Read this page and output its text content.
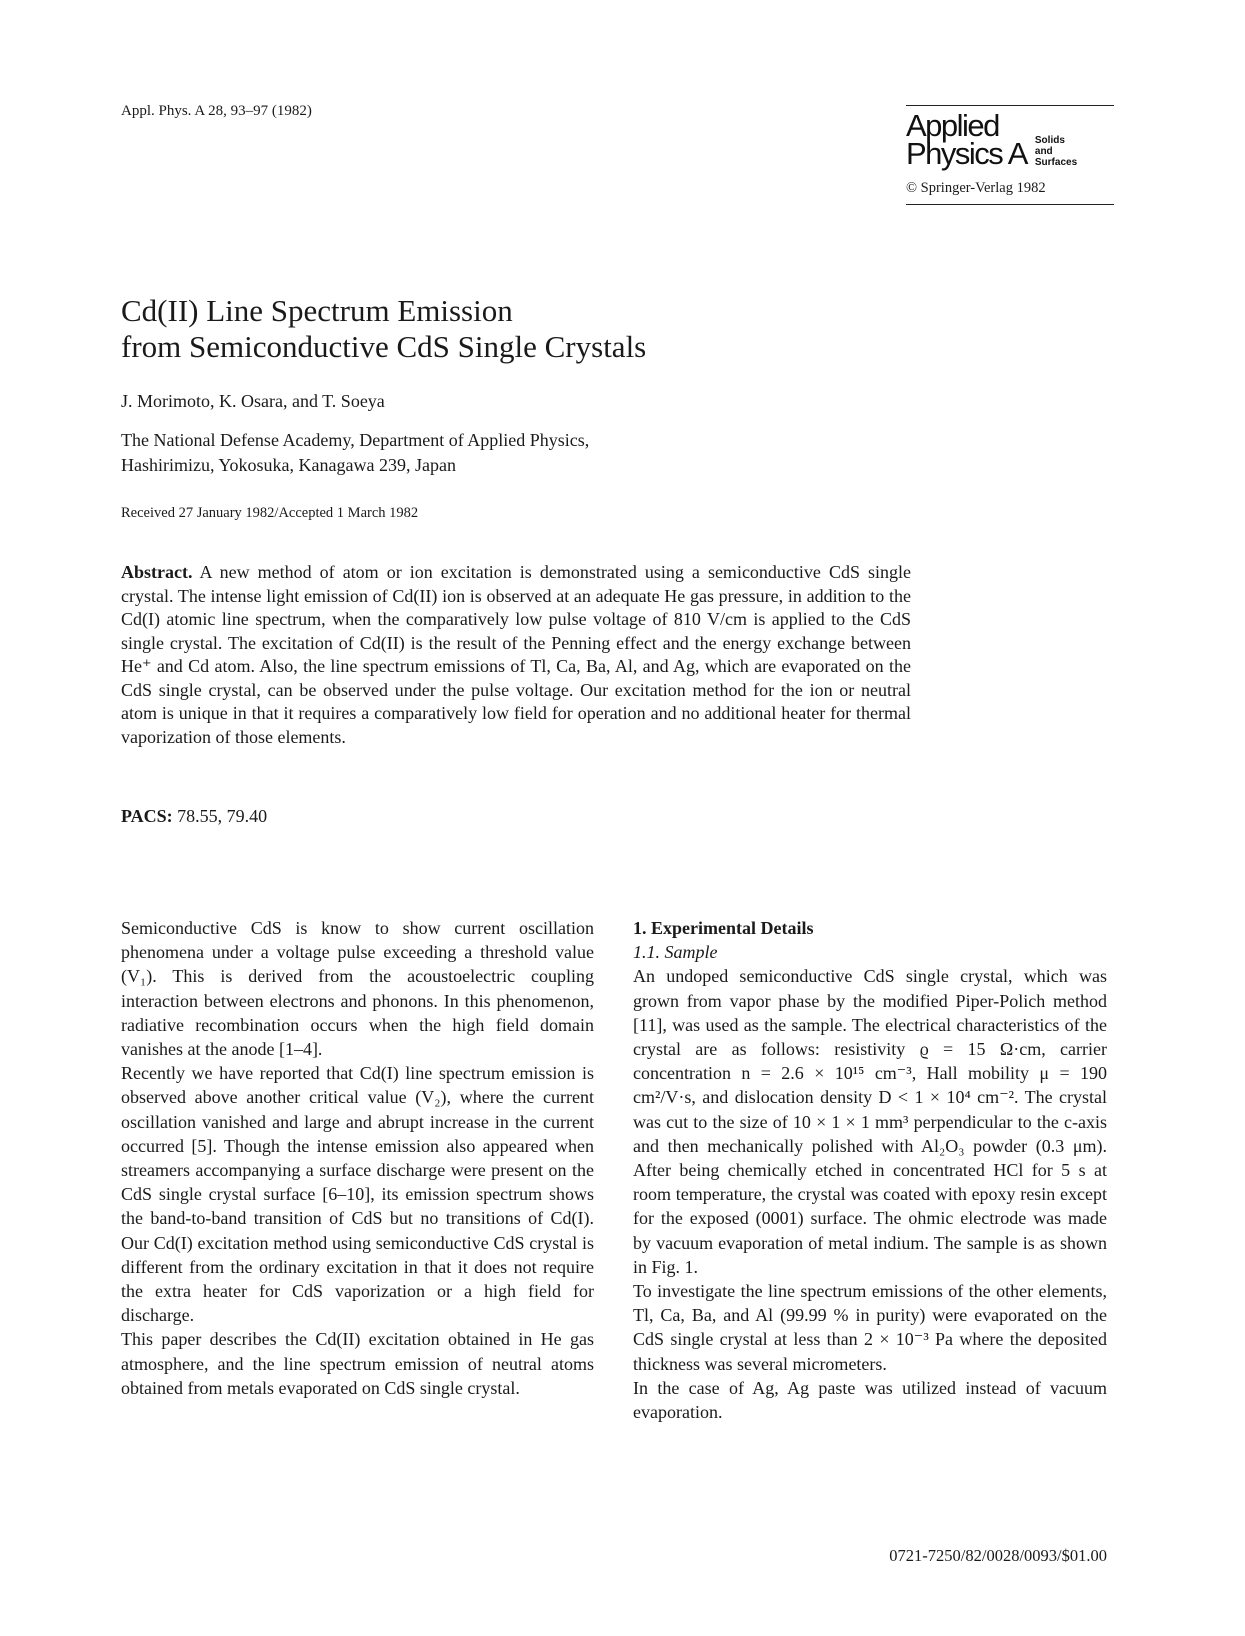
Appl. Phys. A 28, 93–97 (1982)	Applied
Physics A Solids
and
Surfaces
© Springer-Verlag 1982
Cd(II) Line Spectrum Emission
from Semiconductive CdS Single Crystals
J. Morimoto, K. Osara, and T. Soeya
The National Defense Academy, Department of Applied Physics,
Hashirimizu, Yokosuka, Kanagawa 239, Japan
Received 27 January 1982/Accepted 1 March 1982
Abstract. A new method of atom or ion excitation is demonstrated using a semiconductive CdS single crystal. The intense light emission of Cd(II) ion is observed at an adequate He gas pressure, in addition to the Cd(I) atomic line spectrum, when the comparatively low pulse voltage of 810 V/cm is applied to the CdS single crystal. The excitation of Cd(II) is the result of the Penning effect and the energy exchange between He⁺ and Cd atom. Also, the line spectrum emissions of Tl, Ca, Ba, Al, and Ag, which are evaporated on the CdS single crystal, can be observed under the pulse voltage. Our excitation method for the ion or neutral atom is unique in that it requires a comparatively low field for operation and no additional heater for thermal vaporization of those elements.
PACS: 78.55, 79.40

Semiconductive CdS is know to show current oscillation phenomena under a voltage pulse exceeding a threshold value (V₁). This is derived from the acoustoelectric coupling interaction between electrons and phonons. In this phenomenon, radiative recombination occurs when the high field domain vanishes at the anode [1–4].

Recently we have reported that Cd(I) line spectrum emission is observed above another critical value (V₂), where the current oscillation vanished and large and abrupt increase in the current occurred [5]. Though the intense emission also appeared when streamers accompanying a surface discharge were present on the CdS single crystal surface [6–10], its emission spectrum shows the band-to-band transition of CdS but no transitions of Cd(I). Our Cd(I) excitation method using semiconductive CdS crystal is different from the ordinary excitation in that it does not require the extra heater for CdS vaporization or a high field for discharge.

This paper describes the Cd(II) excitation obtained in He gas atmosphere, and the line spectrum emission of neutral atoms obtained from metals evaporated on CdS single crystal.

1. Experimental Details
1.1. Sample

An undoped semiconductive CdS single crystal, which was grown from vapor phase by the modified Piper-Polich method [11], was used as the sample. The electrical characteristics of the crystal are as follows: resistivity ϱ = 15 Ω·cm, carrier concentration n = 2.6 × 10¹⁵ cm⁻³, Hall mobility μ = 190 cm²/V·s, and dislocation density D < 1 × 10⁴ cm⁻². The crystal was cut to the size of 10 × 1 × 1 mm³ perpendicular to the c-axis and then mechanically polished with Al₂O₃ powder (0.3 μm). After being chemically etched in concentrated HCl for 5 s at room temperature, the crystal was coated with epoxy resin except for the exposed (0001) surface. The ohmic electrode was made by vacuum evaporation of metal indium. The sample is as shown in Fig. 1.

To investigate the line spectrum emissions of the other elements, Tl, Ca, Ba, and Al (99.99 % in purity) were evaporated on the CdS single crystal at less than 2 × 10⁻³ Pa where the deposited thickness was several micrometers.

In the case of Ag, Ag paste was utilized instead of vacuum evaporation.

0721-7250/82/0028/0093/$01.00
